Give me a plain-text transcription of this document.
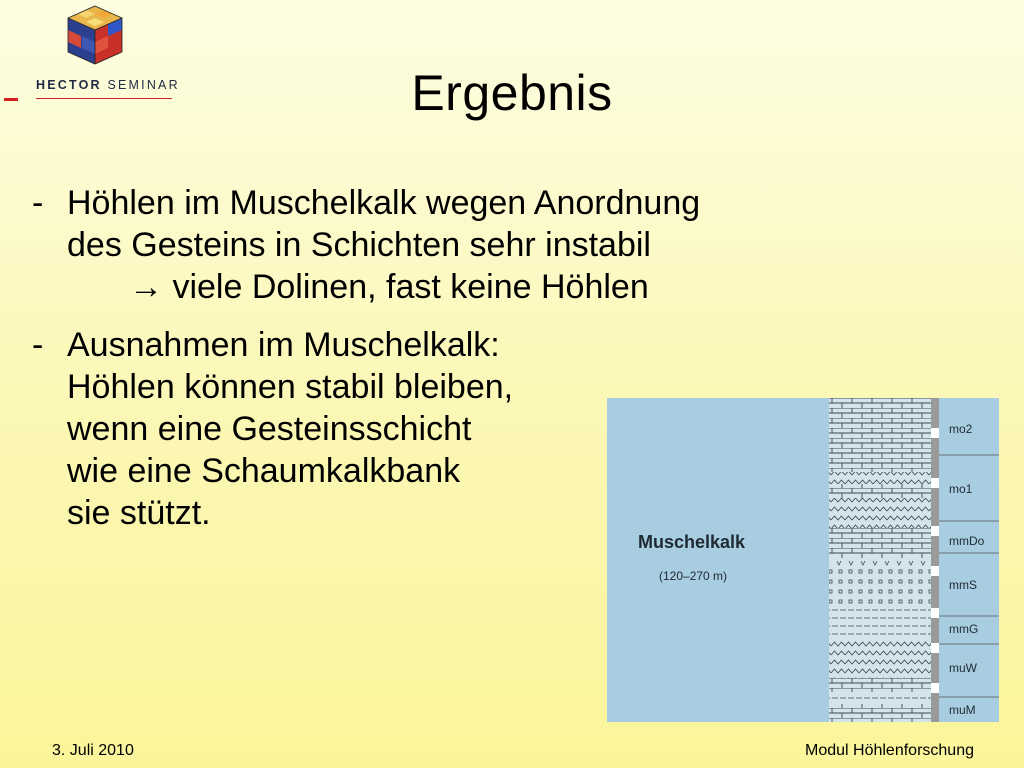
HECTOR SEMINAR	Ergebnis
- Höhlen im Muschelkalk wegen Anordnung
des Gesteins in Schichten sehr instabil
→ viele Dolinen, fast keine Höhlen
- Ausnahmen im Muschelkalk:
Höhlen können stabil bleiben,
wenn eine Gesteinsschicht
wie eine Schaumkalkbank
sie stützt.
Muschelkalk
(120–270 m)
mo2
mo1
mmDo
mmS
mmG
muW
muM
3. Juli 2010	Modul Höhlenforschung
